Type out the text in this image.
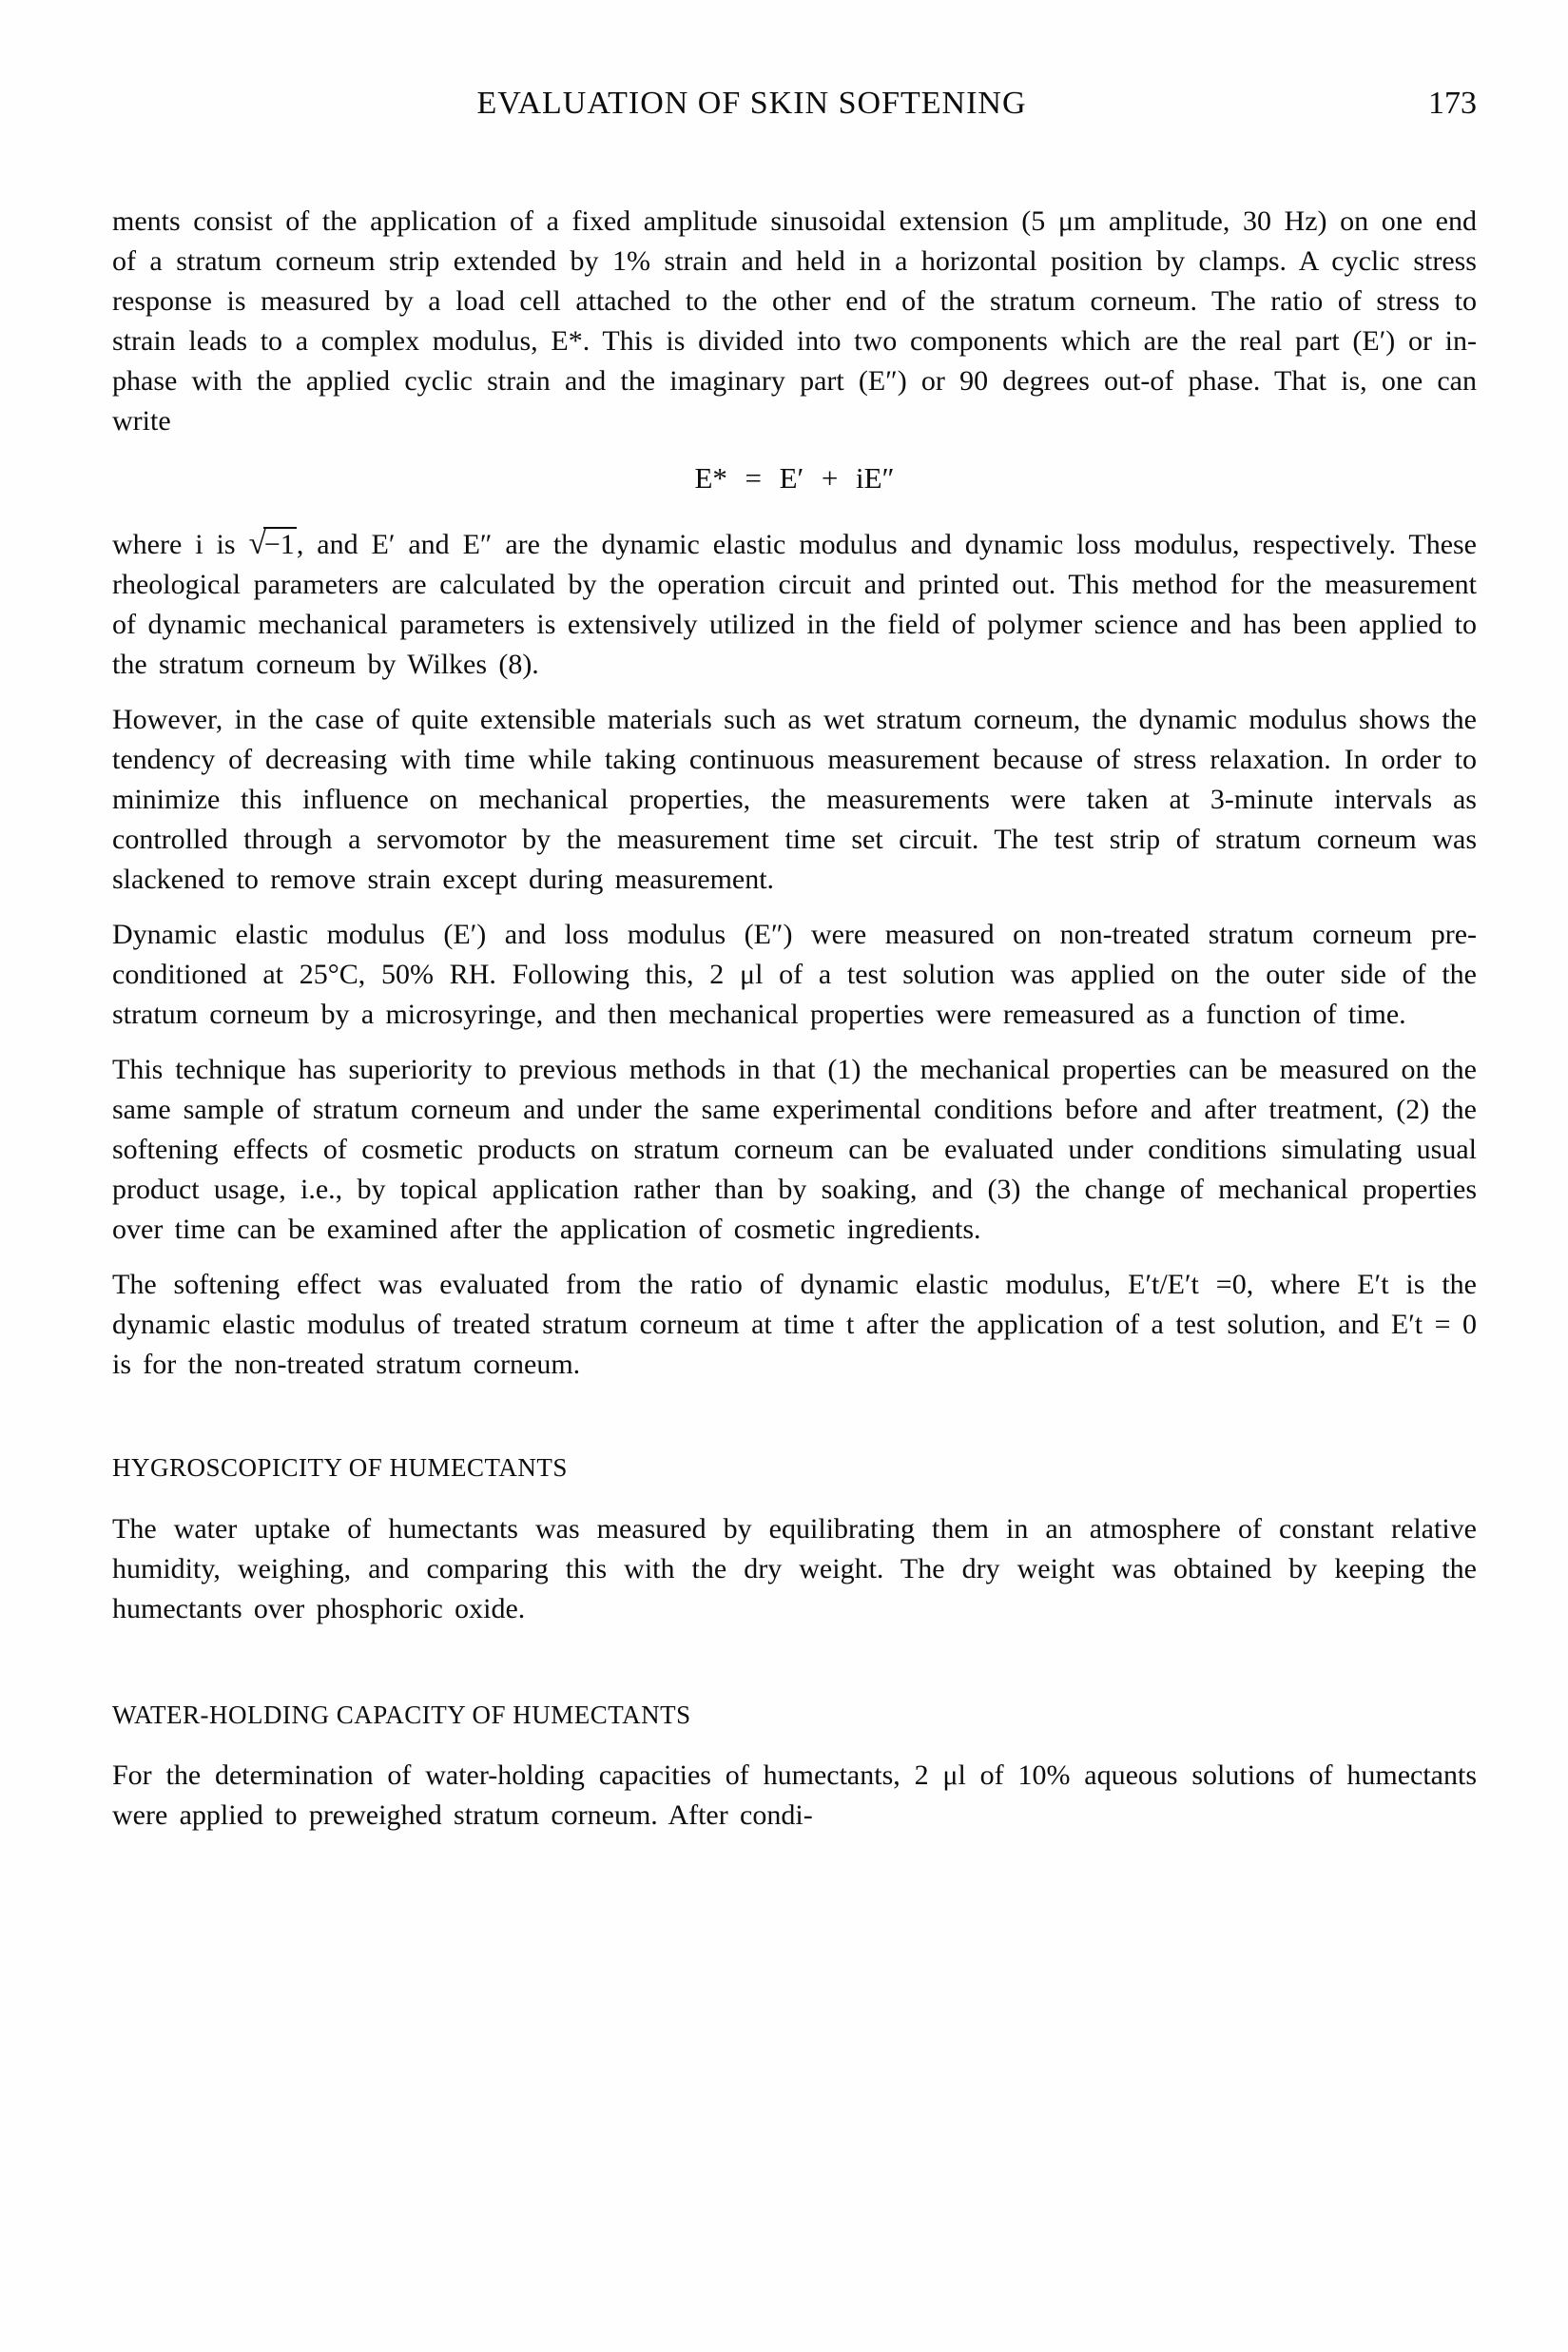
EVALUATION OF SKIN SOFTENING	173

ments consist of the application of a fixed amplitude sinusoidal extension (5 μm amplitude, 30 Hz) on one end of a stratum corneum strip extended by 1% strain and held in a horizontal position by clamps. A cyclic stress response is measured by a load cell attached to the other end of the stratum corneum. The ratio of stress to strain leads to a complex modulus, E*. This is divided into two components which are the real part (E′) or in-phase with the applied cyclic strain and the imaginary part (E″) or 90 degrees out-of phase. That is, one can write

E* = E′ + iE″

where i is √−1, and E′ and E″ are the dynamic elastic modulus and dynamic loss modulus, respectively. These rheological parameters are calculated by the operation circuit and printed out. This method for the measurement of dynamic mechanical parameters is extensively utilized in the field of polymer science and has been applied to the stratum corneum by Wilkes (8).

However, in the case of quite extensible materials such as wet stratum corneum, the dynamic modulus shows the tendency of decreasing with time while taking continuous measurement because of stress relaxation. In order to minimize this influence on mechanical properties, the measurements were taken at 3-minute intervals as controlled through a servomotor by the measurement time set circuit. The test strip of stratum corneum was slackened to remove strain except during measurement.

Dynamic elastic modulus (E′) and loss modulus (E″) were measured on non-treated stratum corneum pre-conditioned at 25°C, 50% RH. Following this, 2 μl of a test solution was applied on the outer side of the stratum corneum by a microsyringe, and then mechanical properties were remeasured as a function of time.

This technique has superiority to previous methods in that (1) the mechanical properties can be measured on the same sample of stratum corneum and under the same experimental conditions before and after treatment, (2) the softening effects of cosmetic products on stratum corneum can be evaluated under conditions simulating usual product usage, i.e., by topical application rather than by soaking, and (3) the change of mechanical properties over time can be examined after the application of cosmetic ingredients.

The softening effect was evaluated from the ratio of dynamic elastic modulus, E′t/E′t =0, where E′t is the dynamic elastic modulus of treated stratum corneum at time t after the application of a test solution, and E′t = 0 is for the non-treated stratum corneum.

HYGROSCOPICITY OF HUMECTANTS

The water uptake of humectants was measured by equilibrating them in an atmosphere of constant relative humidity, weighing, and comparing this with the dry weight. The dry weight was obtained by keeping the humectants over phosphoric oxide.

WATER-HOLDING CAPACITY OF HUMECTANTS

For the determination of water-holding capacities of humectants, 2 μl of 10% aqueous solutions of humectants were applied to preweighed stratum corneum. After condi-
